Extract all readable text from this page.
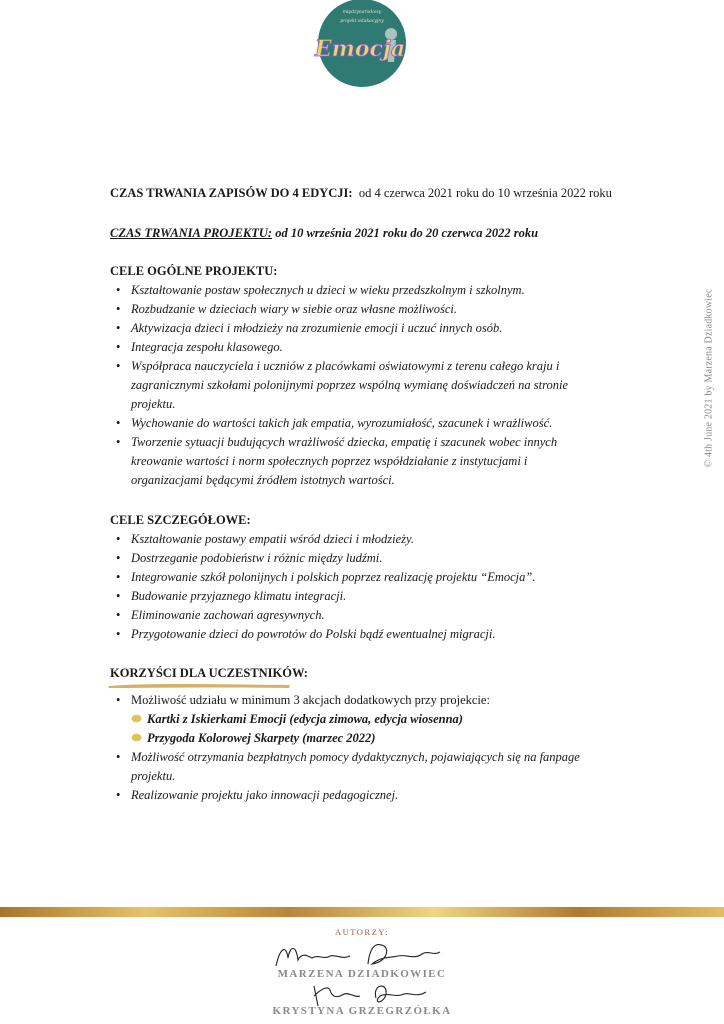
międzynarodowy
projekt edukacyjny
Emocja
© 4th June 2021 by Marzena Dziadkowiec
CZAS TRWANIA ZAPISÓW DO 4 EDYCJI: od 4 czerwca 2021 roku do 10 września 2022 roku
CZAS TRWANIA PROJEKTU: od 10 września 2021 roku do 20 czerwca 2022 roku
CELE OGÓLNE PROJEKTU:
• Kształtowanie postaw społecznych u dzieci w wieku przedszkolnym i szkolnym.
• Rozbudzanie w dzieciach wiary w siebie oraz własne możliwości.
• Aktywizacja dzieci i młodzieży na zrozumienie emocji i uczuć innych osób.
• Integracja zespołu klasowego.
• Współpraca nauczyciela i uczniów z placówkami oświatowymi z terenu całego kraju i
zagranicznymi szkołami polonijnymi poprzez wspólną wymianę doświadczeń na stronie
projektu.
• Wychowanie do wartości takich jak empatia, wyrozumiałość, szacunek i wrażliwość.
• Tworzenie sytuacji budujących wrażliwość dziecka, empatię i szacunek wobec innych
kreowanie wartości i norm społecznych poprzez współdziałanie z instytucjami i
organizacjami będącymi źródłem istotnych wartości.
CELE SZCZEGÓŁOWE:
• Kształtowanie postawy empatii wśród dzieci i młodzieży.
• Dostrzeganie podobieństw i różnic między ludźmi.
• Integrowanie szkół polonijnych i polskich poprzez realizację projektu “Emocja”.
• Budowanie przyjaznego klimatu integracji.
• Eliminowanie zachowań agresywnych.
• Przygotowanie dzieci do powrotów do Polski bądź ewentualnej migracji.
KORZYŚCI DLA UCZESTNIKÓW:
• Możliwość udziału w minimum 3 akcjach dodatkowych przy projekcie:
Kartki z Iskierkami Emocji (edycja zimowa, edycja wiosenna)
Przygoda Kolorowej Skarpety (marzec 2022)
• Możliwość otrzymania bezpłatnych pomocy dydaktycznych, pojawiających się na fanpage
projektu.
• Realizowanie projektu jako innowacji pedagogicznej.
AUTORZY:
MARZENA DZIADKOWIEC
KRYSTYNA GRZEGRZÓŁKA
